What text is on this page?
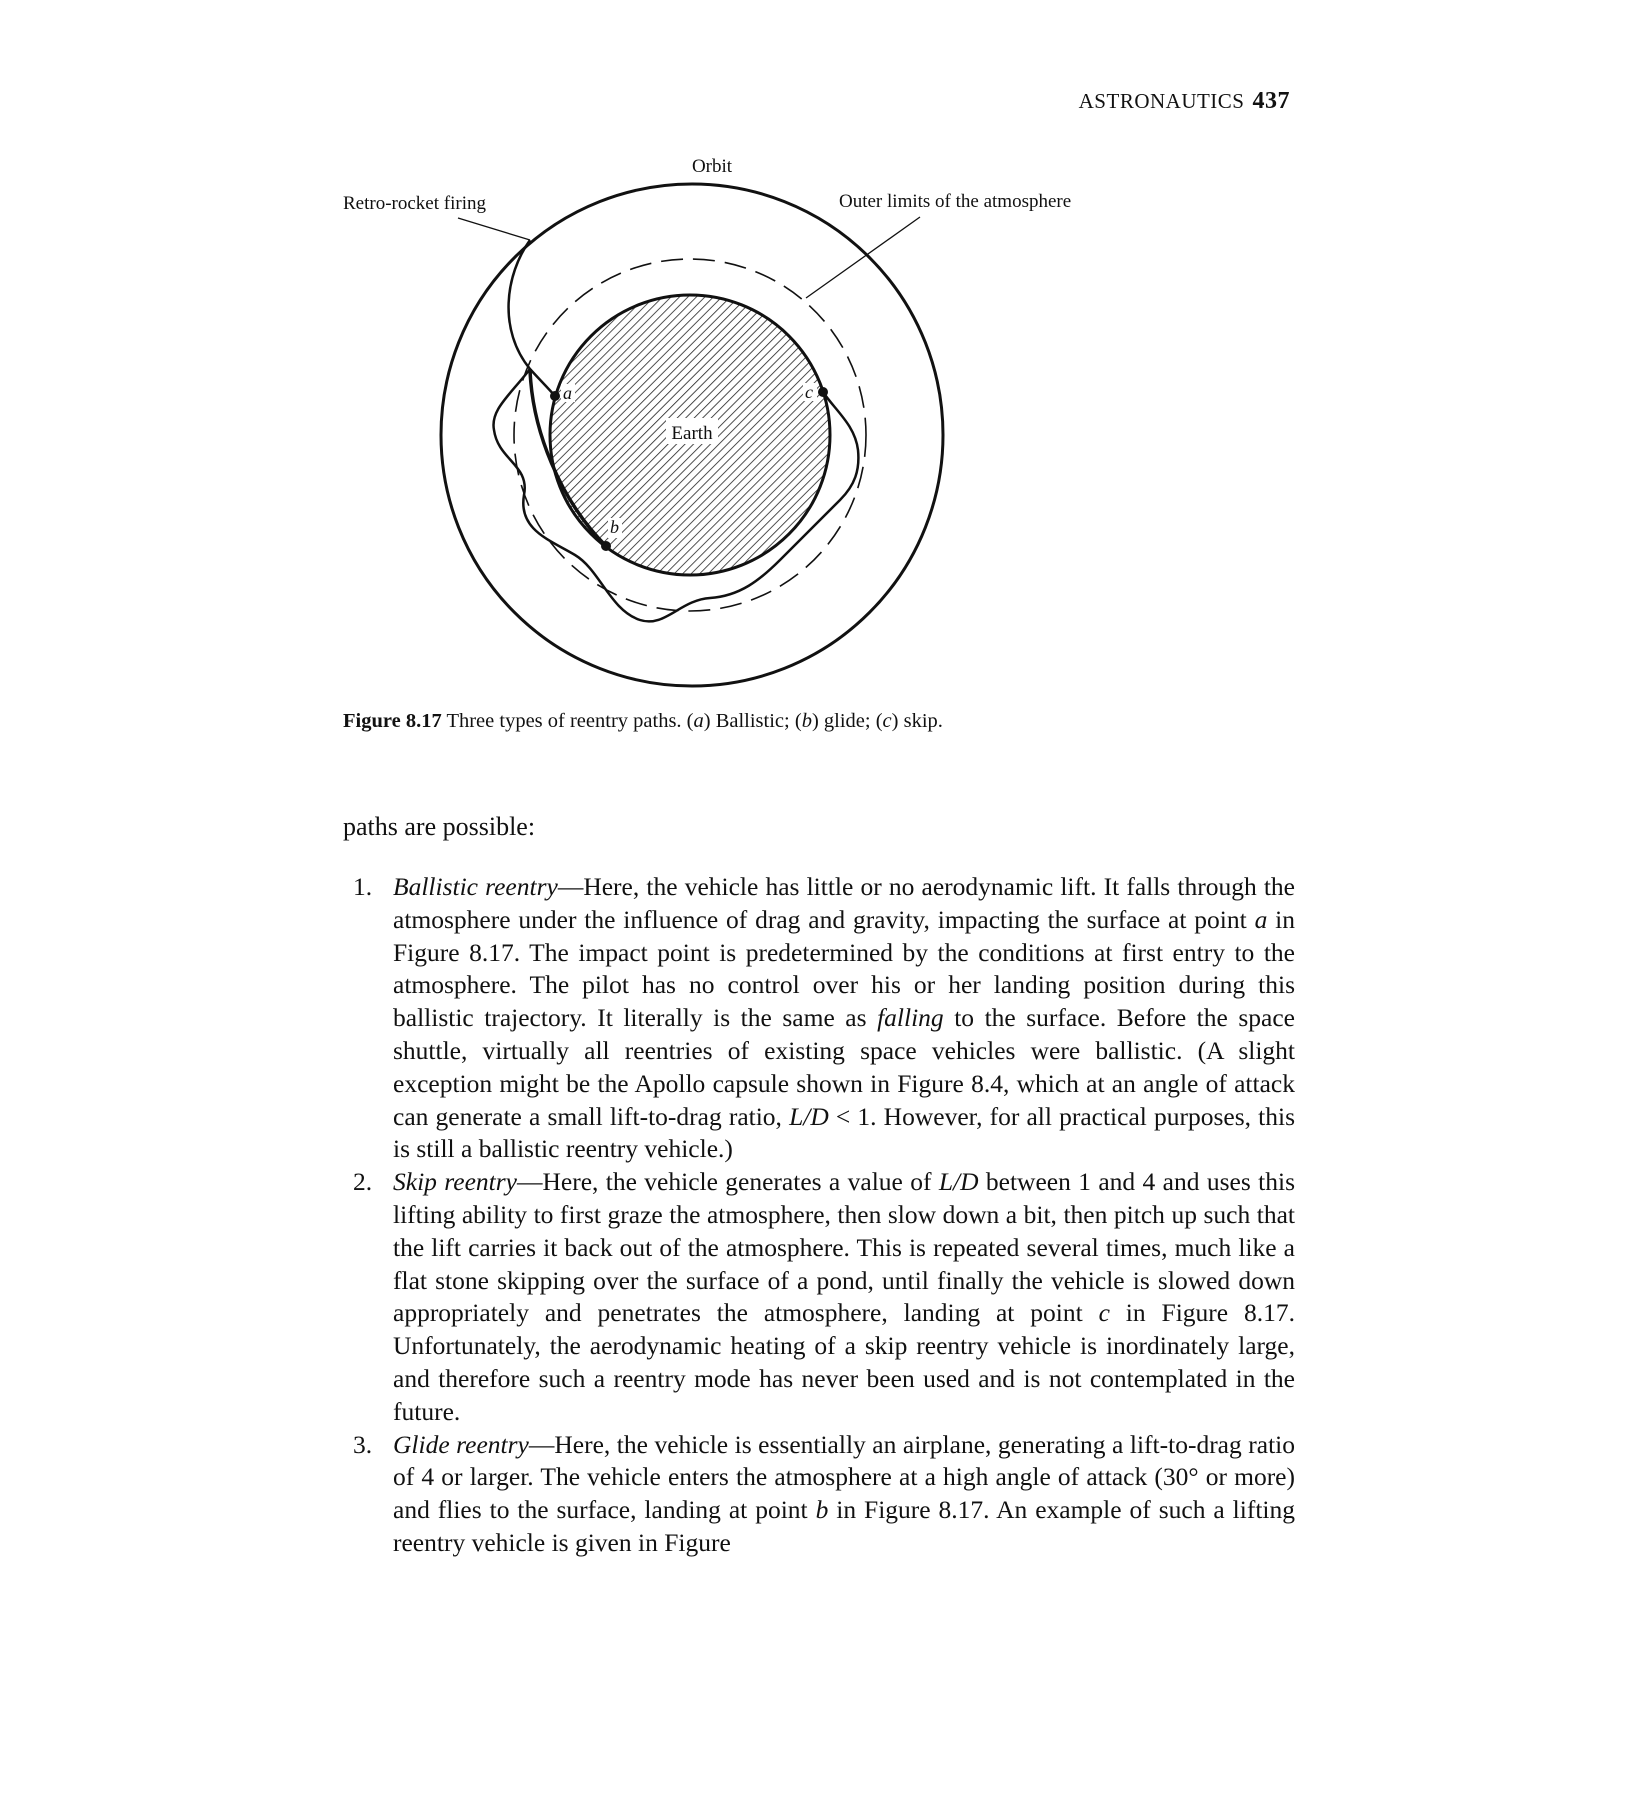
ASTRONAUTICS 437
Earth
a
b
c
Orbit
Retro-rocket firing	Outer limits of the atmosphere
Figure 8.17 Three types of reentry paths. (a) Ballistic; (b) glide; (c) skip.
paths are possible:
1. Ballistic reentry—Here, the vehicle has little or no aerodynamic lift. It falls through the atmosphere under the influence of drag and gravity, impacting the surface at point a in Figure 8.17. The impact point is predetermined by the conditions at first entry to the atmosphere. The pilot has no control over his or her landing position during this ballistic trajectory. It literally is the same as falling to the surface. Before the space shuttle, virtually all reentries of existing space vehicles were ballistic. (A slight exception might be the Apollo capsule shown in Figure 8.4, which at an angle of attack can generate a small lift-to-drag ratio, L/D < 1. However, for all practical purposes, this is still a ballistic reentry vehicle.)
2. Skip reentry—Here, the vehicle generates a value of L/D between 1 and 4 and uses this lifting ability to first graze the atmosphere, then slow down a bit, then pitch up such that the lift carries it back out of the atmosphere. This is repeated several times, much like a flat stone skipping over the surface of a pond, until finally the vehicle is slowed down appropriately and penetrates the atmosphere, landing at point c in Figure 8.17. Unfortunately, the aerodynamic heating of a skip reentry vehicle is inordinately large, and therefore such a reentry mode has never been used and is not contemplated in the future.
3. Glide reentry—Here, the vehicle is essentially an airplane, generating a lift-to-drag ratio of 4 or larger. The vehicle enters the atmosphere at a high angle of attack (30° or more) and flies to the surface, landing at point b in Figure 8.17. An example of such a lifting reentry vehicle is given in Figure
